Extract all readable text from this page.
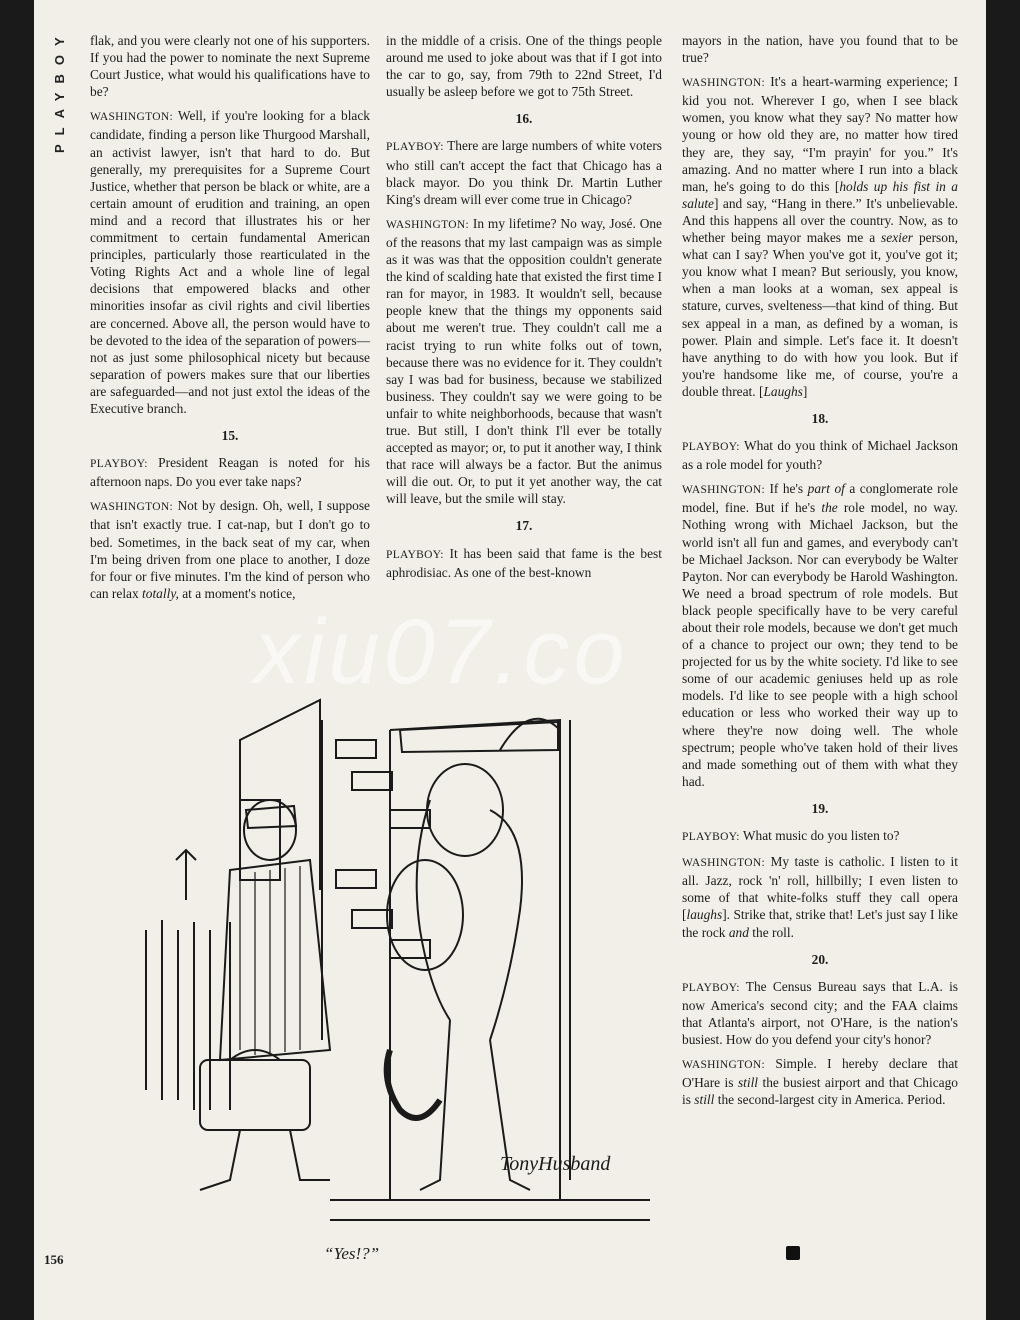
PLAYBOY	flak, and you were clearly not one of his supporters. If you had the power to nominate the next Supreme Court Justice, what would his qualifications have to be?

WASHINGTON: Well, if you're looking for a black candidate, finding a person like Thurgood Marshall, an activist lawyer, isn't that hard to do. But generally, my prerequisites for a Supreme Court Justice, whether that person be black or white, are a certain amount of erudition and training, an open mind and a record that illustrates his or her commitment to certain fundamental American principles, particularly those rearticulated in the Voting Rights Act and a whole line of legal decisions that empowered blacks and other minorities insofar as civil rights and civil liberties are concerned. Above all, the person would have to be devoted to the idea of the separation of powers—not as just some philosophical nicety but because separation of powers makes sure that our liberties are safeguarded—and not just extol the ideas of the Executive branch.

15.

PLAYBOY: President Reagan is noted for his afternoon naps. Do you ever take naps?

WASHINGTON: Not by design. Oh, well, I suppose that isn't exactly true. I cat-nap, but I don't go to bed. Sometimes, in the back seat of my car, when I'm being driven from one place to another, I doze for four or five minutes. I'm the kind of person who can relax totally, at a moment's notice,

in the middle of a crisis. One of the things people around me used to joke about was that if I got into the car to go, say, from 79th to 22nd Street, I'd usually be asleep before we got to 75th Street.

16.

PLAYBOY: There are large numbers of white voters who still can't accept the fact that Chicago has a black mayor. Do you think Dr. Martin Luther King's dream will ever come true in Chicago?

WASHINGTON: In my lifetime? No way, José. One of the reasons that my last campaign was as simple as it was was that the opposition couldn't generate the kind of scalding hate that existed the first time I ran for mayor, in 1983. It wouldn't sell, because people knew that the things my opponents said about me weren't true. They couldn't call me a racist trying to run white folks out of town, because there was no evidence for it. They couldn't say I was bad for business, because we stabilized business. They couldn't say we were going to be unfair to white neighborhoods, because that wasn't true. But still, I don't think I'll ever be totally accepted as mayor; or, to put it another way, I think that race will always be a factor. But the animus will die out. Or, to put it yet another way, the cat will leave, but the smile will stay.

17.

PLAYBOY: It has been said that fame is the best aphrodisiac. As one of the best-known

mayors in the nation, have you found that to be true?

WASHINGTON: It's a heart-warming experience; I kid you not. Wherever I go, when I see black women, you know what they say? No matter how young or how old they are, no matter how tired they are, they say, “I'm prayin' for you.” It's amazing. And no matter where I run into a black man, he's going to do this [holds up his fist in a salute] and say, “Hang in there.” It's unbelievable. And this happens all over the country. Now, as to whether being mayor makes me a sexier person, what can I say? When you've got it, you've got it; you know what I mean? But seriously, you know, when a man looks at a woman, sex appeal is stature, curves, svelteness—that kind of thing. But sex appeal in a man, as defined by a woman, is power. Plain and simple. Let's face it. It doesn't have anything to do with how you look. But if you're handsome like me, of course, you're a double threat. [Laughs]

18.

PLAYBOY: What do you think of Michael Jackson as a role model for youth?

WASHINGTON: If he's part of a conglomerate role model, fine. But if he's the role model, no way. Nothing wrong with Michael Jackson, but the world isn't all fun and games, and everybody can't be Michael Jackson. Nor can everybody be Walter Payton. Nor can everybody be Harold Washington. We need a broad spectrum of role models. But black people specifically have to be very careful about their role models, because we don't get much of a chance to project our own; they tend to be projected for us by the white society. I'd like to see some of our academic geniuses held up as role models. I'd like to see people with a high school education or less who worked their way up to where they're now doing well. The whole spectrum; people who've taken hold of their lives and made something out of them with what they had.

19.

PLAYBOY: What music do you listen to?

WASHINGTON: My taste is catholic. I listen to it all. Jazz, rock 'n' roll, hillbilly; I even listen to some of that white-folks stuff they call opera [laughs]. Strike that, strike that! Let's just say I like the rock and the roll.

20.

PLAYBOY: The Census Bureau says that L.A. is now America's second city; and the FAA claims that Atlanta's airport, not O'Hare, is the nation's busiest. How do you defend your city's honor?

WASHINGTON: Simple. I hereby declare that O'Hare is still the busiest airport and that Chicago is still the second-largest city in America. Period.

TonyHusband
“Yes!?”
156
xiu07.co
